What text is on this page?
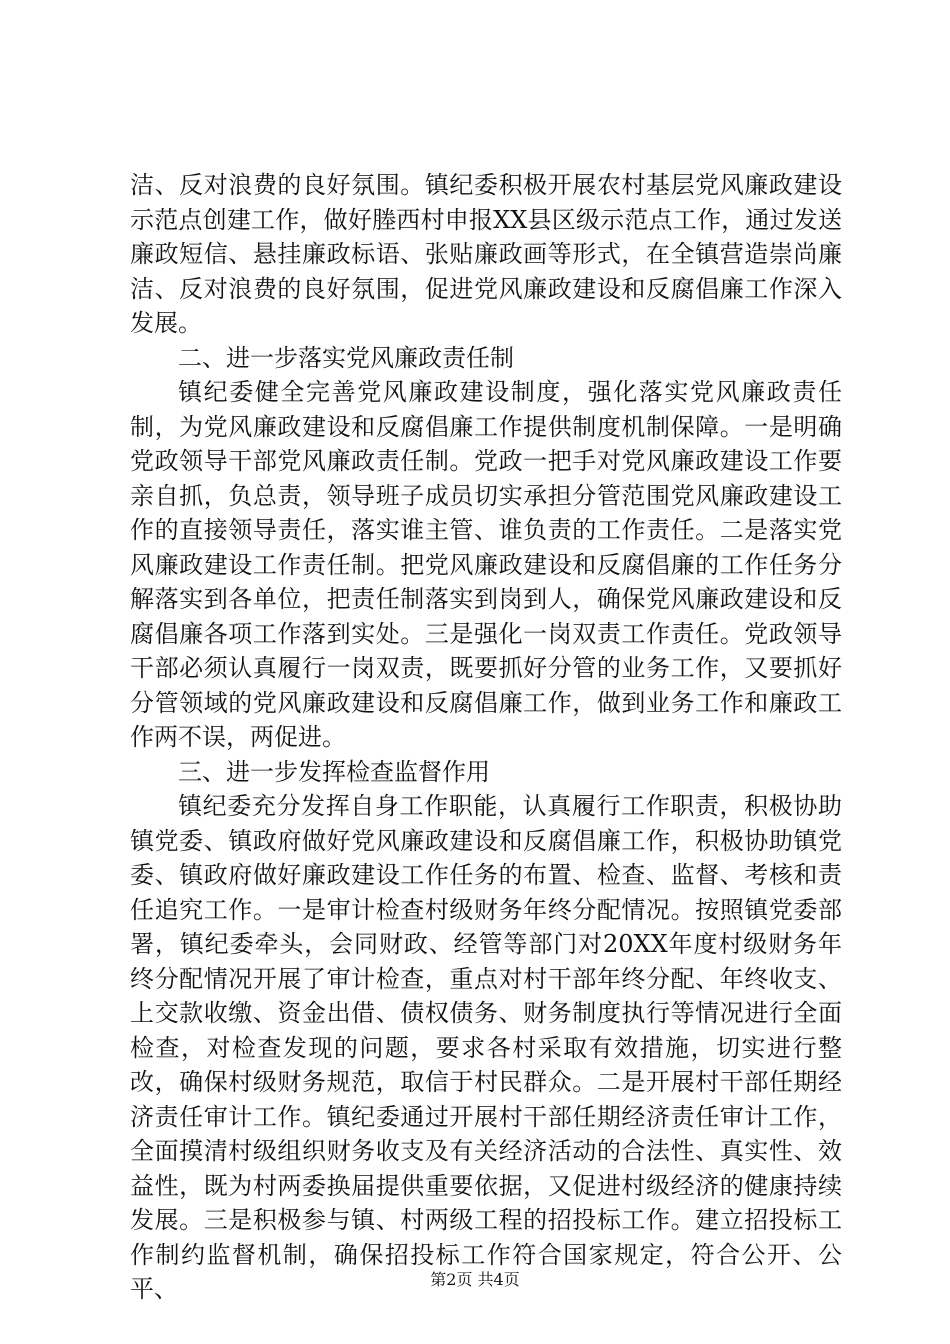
洁、反对浪费的良好氛围。镇纪委积极开展农村基层党风廉政建设示范点创建工作，做好塍西村申报XX县区级示范点工作，通过发送廉政短信、悬挂廉政标语、张贴廉政画等形式，在全镇营造崇尚廉洁、反对浪费的良好氛围，促进党风廉政建设和反腐倡廉工作深入发展。

二、进一步落实党风廉政责任制

镇纪委健全完善党风廉政建设制度，强化落实党风廉政责任制，为党风廉政建设和反腐倡廉工作提供制度机制保障。一是明确党政领导干部党风廉政责任制。党政一把手对党风廉政建设工作要亲自抓，负总责，领导班子成员切实承担分管范围党风廉政建设工作的直接领导责任，落实谁主管、谁负责的工作责任。二是落实党风廉政建设工作责任制。把党风廉政建设和反腐倡廉的工作任务分解落实到各单位，把责任制落实到岗到人，确保党风廉政建设和反腐倡廉各项工作落到实处。三是强化一岗双责工作责任。党政领导干部必须认真履行一岗双责，既要抓好分管的业务工作，又要抓好分管领域的党风廉政建设和反腐倡廉工作，做到业务工作和廉政工作两不误，两促进。

三、进一步发挥检查监督作用

镇纪委充分发挥自身工作职能，认真履行工作职责，积极协助镇党委、镇政府做好党风廉政建设和反腐倡廉工作，积极协助镇党委、镇政府做好廉政建设工作任务的布置、检查、监督、考核和责任追究工作。一是审计检查村级财务年终分配情况。按照镇党委部署，镇纪委牵头，会同财政、经管等部门对20XX年度村级财务年终分配情况开展了审计检查，重点对村干部年终分配、年终收支、上交款收缴、资金出借、债权债务、财务制度执行等情况进行全面检查，对检查发现的问题，要求各村采取有效措施，切实进行整改，确保村级财务规范，取信于村民群众。二是开展村干部任期经济责任审计工作。镇纪委通过开展村干部任期经济责任审计工作，全面摸清村级组织财务收支及有关经济活动的合法性、真实性、效益性，既为村两委换届提供重要依据，又促进村级经济的健康持续发展。三是积极参与镇、村两级工程的招投标工作。建立招投标工作制约监督机制，确保招投标工作符合国家规定，符合公开、公平、	第2页 共4页
